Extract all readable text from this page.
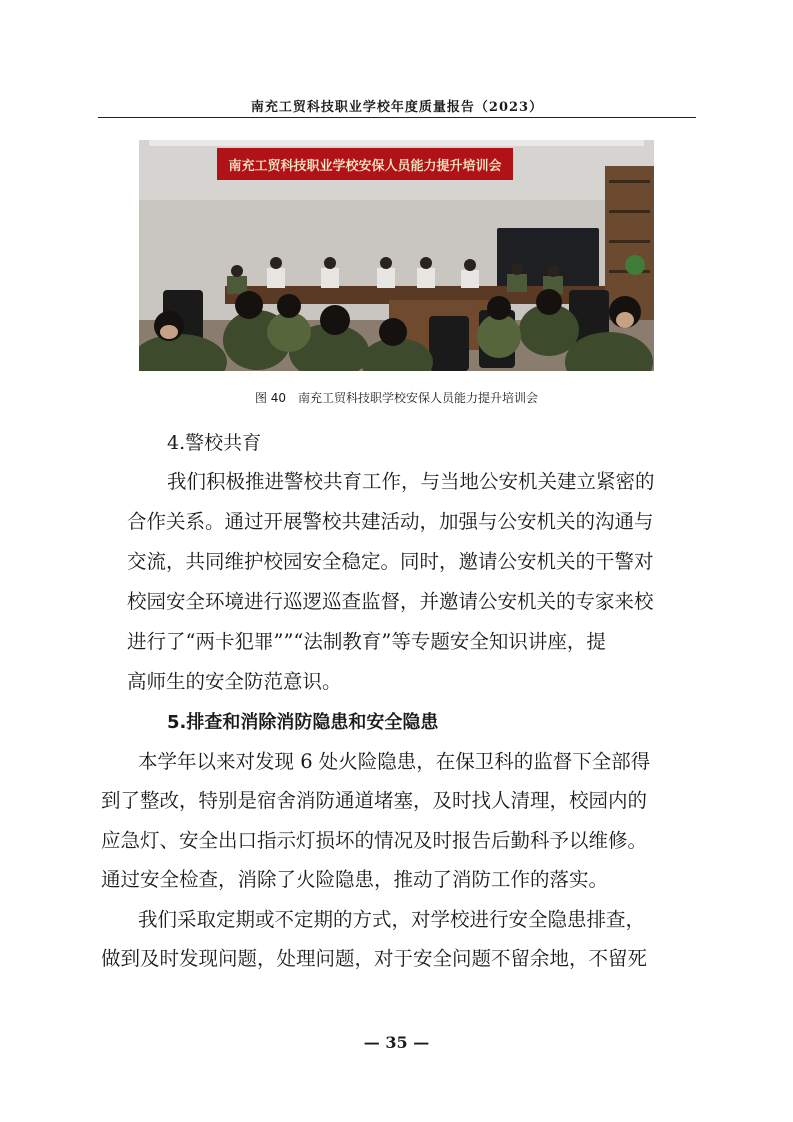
南充工贸科技职业学校年度质量报告（2023）
南充工贸科技职业学校安保人员能力提升培训会
图 40 南充工贸科技职学校安保人员能力提升培训会
4.警校共育
我们积极推进警校共育工作，与当地公安机关建立紧密的
合作关系。通过开展警校共建活动，加强与公安机关的沟通与
交流，共同维护校园安全稳定。同时，邀请公安机关的干警对
校园安全环境进行巡逻巡查监督，并邀请公安机关的专家来校
进行了“两卡犯罪””“法制教育”等专题安全知识讲座，提
高师生的安全防范意识。
5.排查和消除消防隐患和安全隐患
本学年以来对发现 6 处火险隐患，在保卫科的监督下全部得
到了整改，特别是宿舍消防通道堵塞，及时找人清理，校园内的
应急灯、安全出口指示灯损坏的情况及时报告后勤科予以维修。
通过安全检查，消除了火险隐患，推动了消防工作的落实。
我们采取定期或不定期的方式，对学校进行安全隐患排查，
做到及时发现问题，处理问题，对于安全问题不留余地，不留死
— 35 —
